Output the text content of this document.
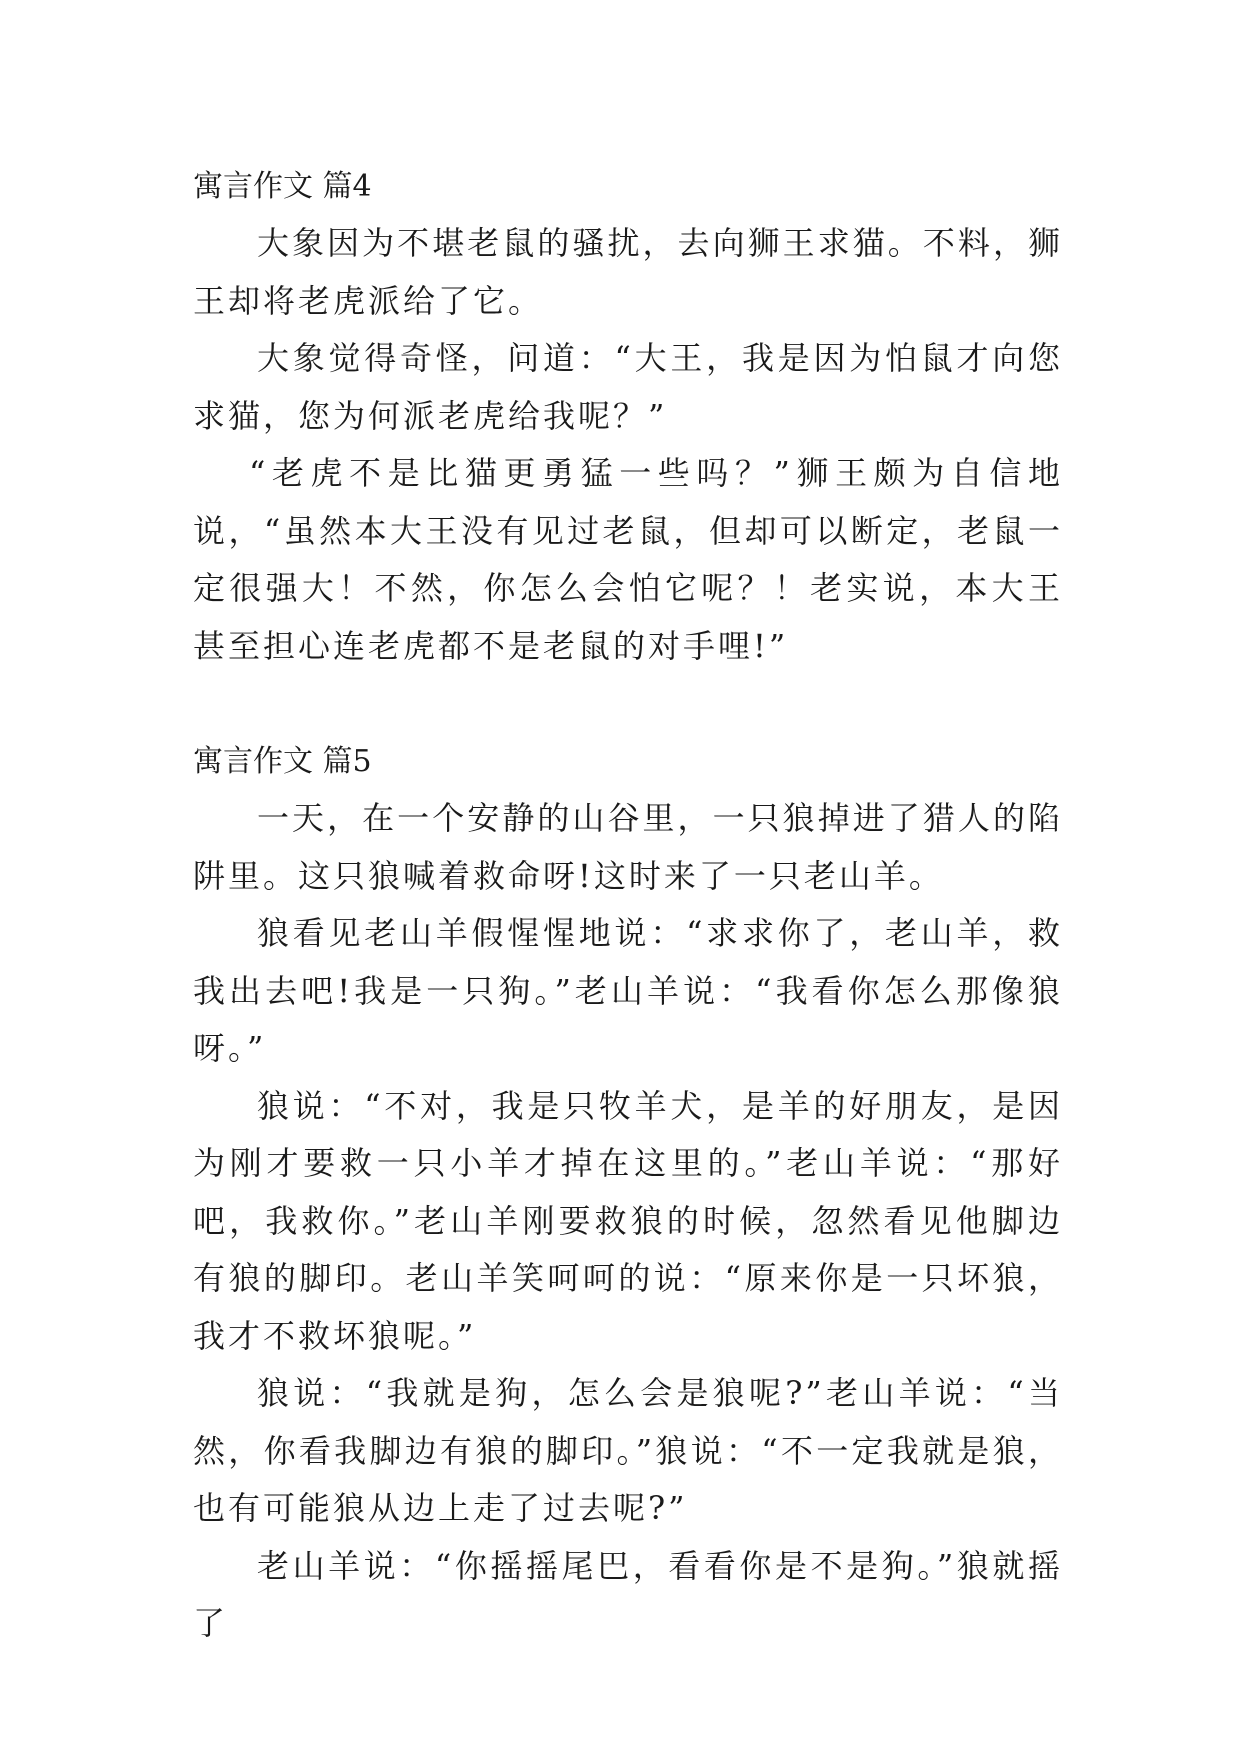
寓言作文 篇4

大象因为不堪老鼠的骚扰，去向狮王求猫。不料，狮王却将老虎派给了它。

大象觉得奇怪，问道：“大王，我是因为怕鼠才向您求猫，您为何派老虎给我呢？”

“老虎不是比猫更勇猛一些吗？”狮王颇为自信地说，“虽然本大王没有见过老鼠，但却可以断定，老鼠一定很强大！不然，你怎么会怕它呢？！老实说，本大王甚至担心连老虎都不是老鼠的对手哩!”

寓言作文 篇5

一天，在一个安静的山谷里，一只狼掉进了猎人的陷阱里。这只狼喊着救命呀!这时来了一只老山羊。

狼看见老山羊假惺惺地说：“求求你了，老山羊，救我出去吧!我是一只狗。”老山羊说：“我看你怎么那像狼呀。”

狼说：“不对，我是只牧羊犬，是羊的好朋友，是因为刚才要救一只小羊才掉在这里的。”老山羊说：“那好吧，我救你。”老山羊刚要救狼的时候，忽然看见他脚边有狼的脚印。老山羊笑呵呵的说：“原来你是一只坏狼，我才不救坏狼呢。”

狼说：“我就是狗，怎么会是狼呢?”老山羊说：“当然，你看我脚边有狼的脚印。”狼说：“不一定我就是狼，也有可能狼从边上走了过去呢?”

老山羊说：“你摇摇尾巴，看看你是不是狗。”狼就摇了
